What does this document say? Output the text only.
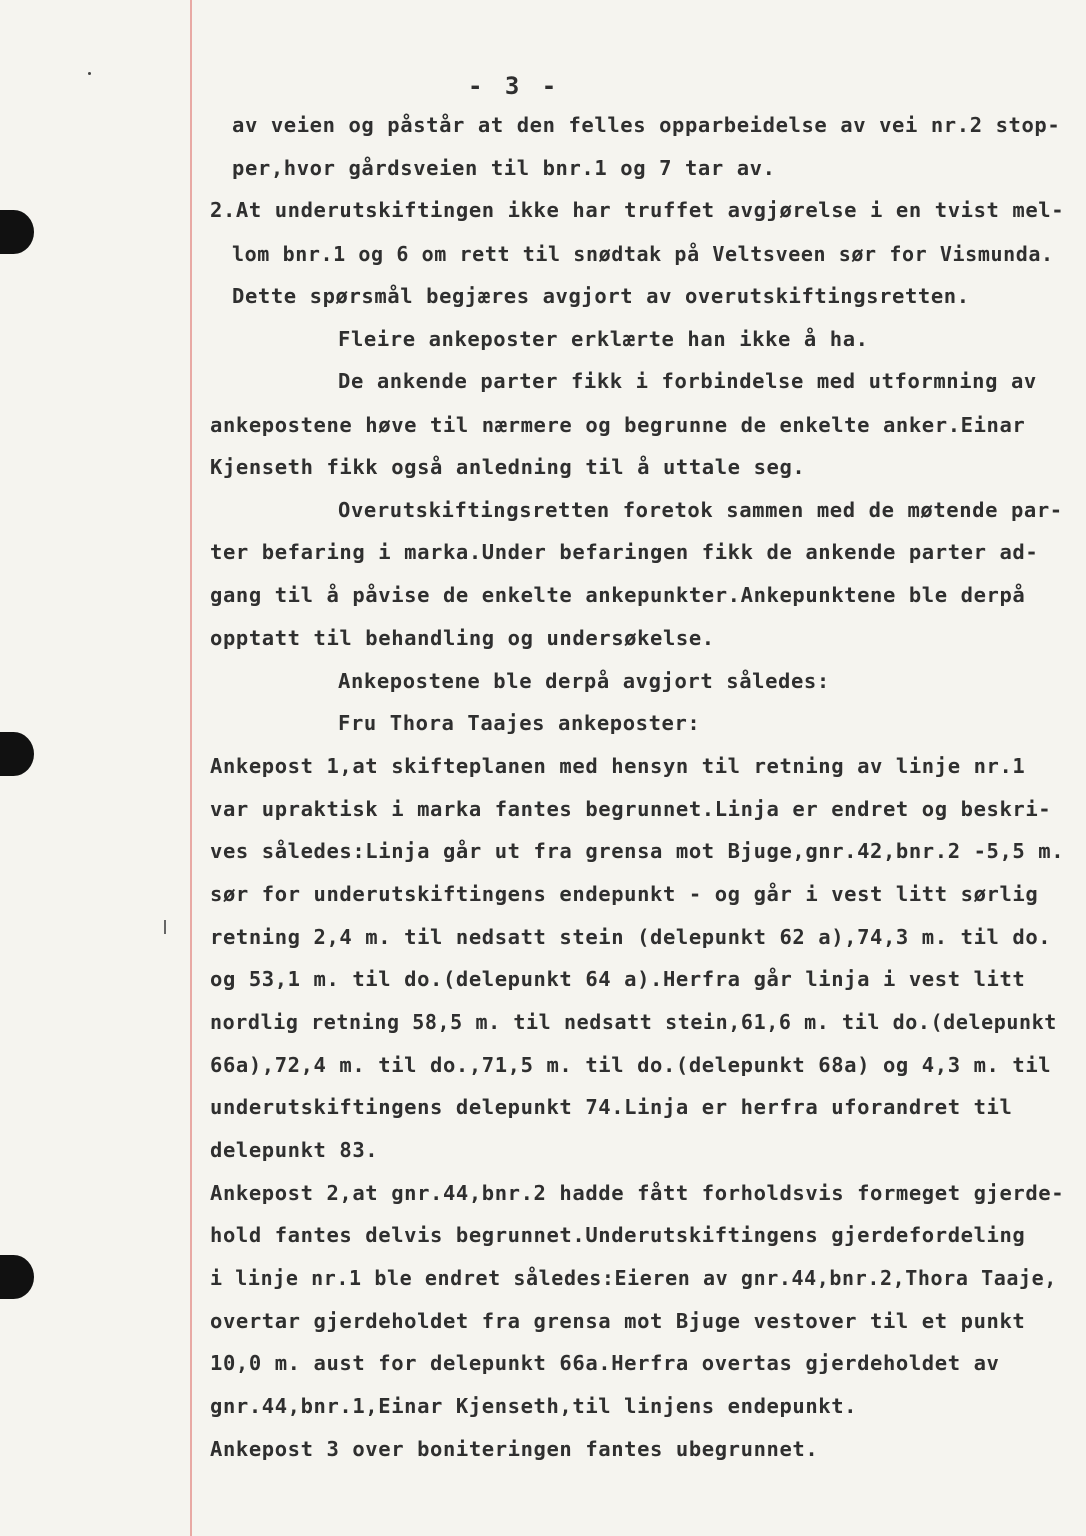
- 3 -

av veien og påstår at den felles opparbeidelse av vei nr.2 stop-

per,hvor gårdsveien til bnr.1 og 7 tar av.

2.At underutskiftingen ikke har truffet avgjørelse i en tvist mel-

lom bnr.1 og 6 om rett til snødtak på Veltsveen sør for Vismunda.

Dette spørsmål begjæres avgjort av overutskiftingsretten.

Fleire ankeposter erklærte han ikke å ha.

De ankende parter fikk i forbindelse med utformning av

ankepostene høve til nærmere og begrunne de enkelte anker.Einar

Kjenseth fikk også anledning til å uttale seg.

Overutskiftingsretten foretok sammen med de møtende par-

ter befaring i marka.Under befaringen fikk de ankende parter ad-

gang til å påvise de enkelte ankepunkter.Ankepunktene ble derpå

opptatt til behandling og undersøkelse.

Ankepostene ble derpå avgjort således:

Fru Thora Taajes ankeposter:

Ankepost 1,at skifteplanen med hensyn til retning av linje nr.1

var upraktisk i marka fantes begrunnet.Linja er endret og beskri-

ves således:Linja går ut fra grensa mot Bjuge,gnr.42,bnr.2 -5,5 m.

sør for underutskiftingens endepunkt - og går i vest litt sørlig

retning 2,4 m. til nedsatt stein (delepunkt 62 a),74,3 m. til do.

og 53,1 m. til do.(delepunkt 64 a).Herfra går linja i vest litt

nordlig retning 58,5 m. til nedsatt stein,61,6 m. til do.(delepunkt

66a),72,4 m. til do.,71,5 m. til do.(delepunkt 68a) og 4,3 m. til

underutskiftingens delepunkt 74.Linja er herfra uforandret til

delepunkt 83.

Ankepost 2,at gnr.44,bnr.2 hadde fått forholdsvis formeget gjerde-

hold fantes delvis begrunnet.Underutskiftingens gjerdefordeling

i linje nr.1 ble endret således:Eieren av gnr.44,bnr.2,Thora Taaje,

overtar gjerdeholdet fra grensa mot Bjuge vestover til et punkt

10,0 m. aust for delepunkt 66a.Herfra overtas gjerdeholdet av

gnr.44,bnr.1,Einar Kjenseth,til linjens endepunkt.

Ankepost 3 over boniteringen fantes ubegrunnet.
